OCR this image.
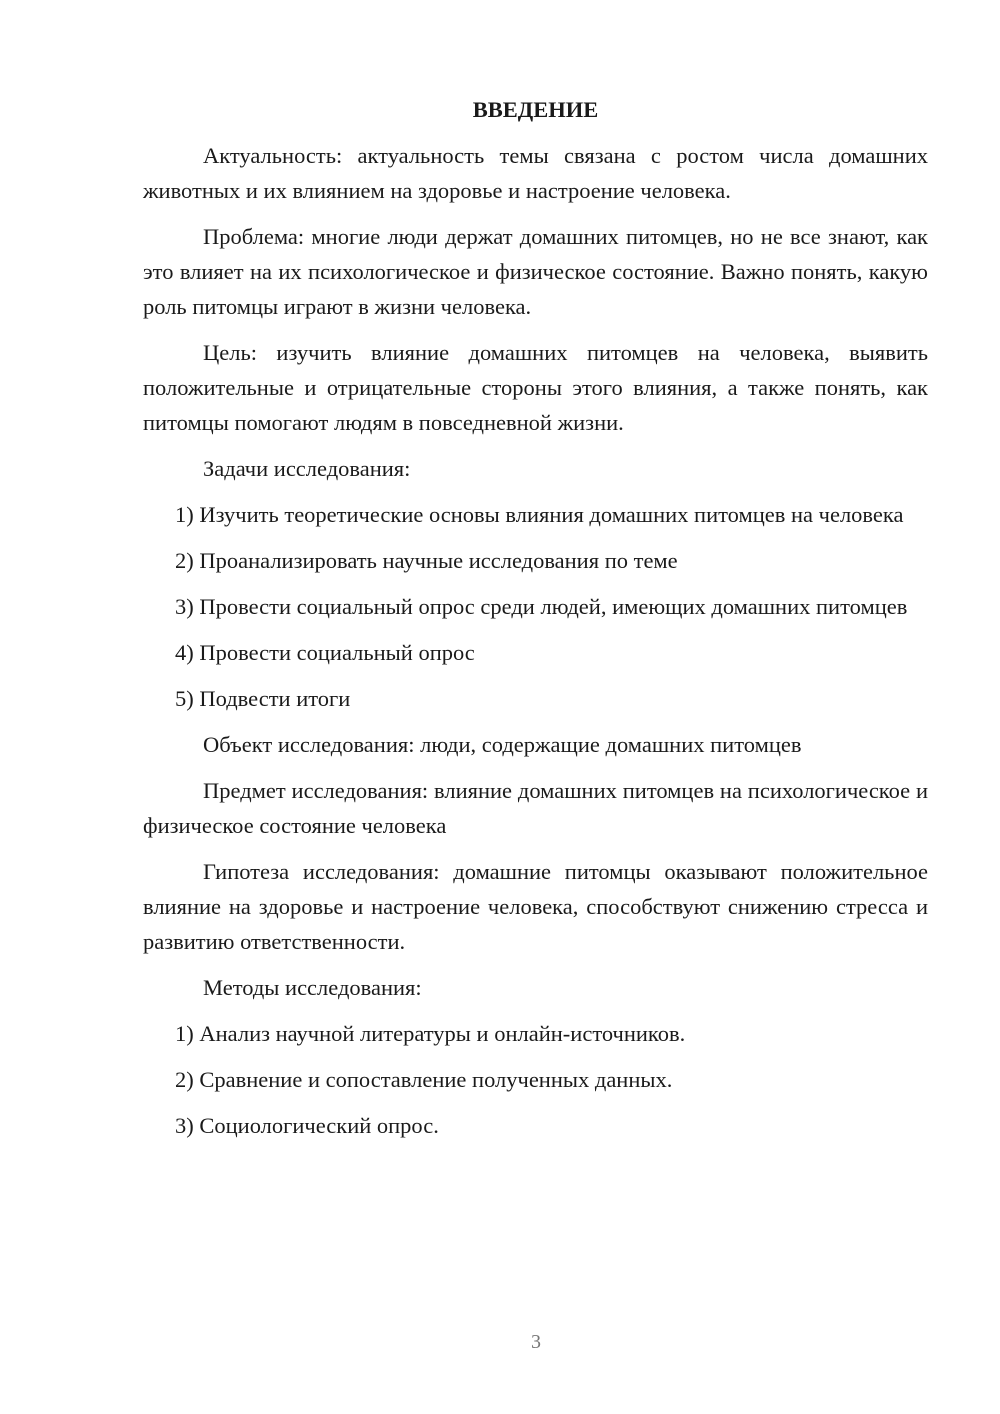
ВВЕДЕНИЕ

Актуальность: актуальность темы связана с ростом числа домашних животных и их влиянием на здоровье и настроение человека.

Проблема: многие люди держат домашних питомцев, но не все знают, как это влияет на их психологическое и физическое состояние. Важно понять, какую роль питомцы играют в жизни человека.

Цель: изучить влияние домашних питомцев на человека, выявить положительные и отрицательные стороны этого влияния, а также понять, как питомцы помогают людям в повседневной жизни.

Задачи исследования:

1) Изучить теоретические основы влияния домашних питомцев на человека

2) Проанализировать научные исследования по теме

3) Провести социальный опрос среди людей, имеющих домашних питомцев

4) Провести социальный опрос

5) Подвести итоги

Объект исследования: люди, содержащие домашних питомцев

Предмет исследования: влияние домашних питомцев на психологическое и физическое состояние человека

Гипотеза исследования: домашние питомцы оказывают положительное влияние на здоровье и настроение человека, способствуют снижению стресса и развитию ответственности.

Методы исследования:

1) Анализ научной литературы и онлайн-источников.

2) Сравнение и сопоставление полученных данных.

3) Социологический опрос.

3
